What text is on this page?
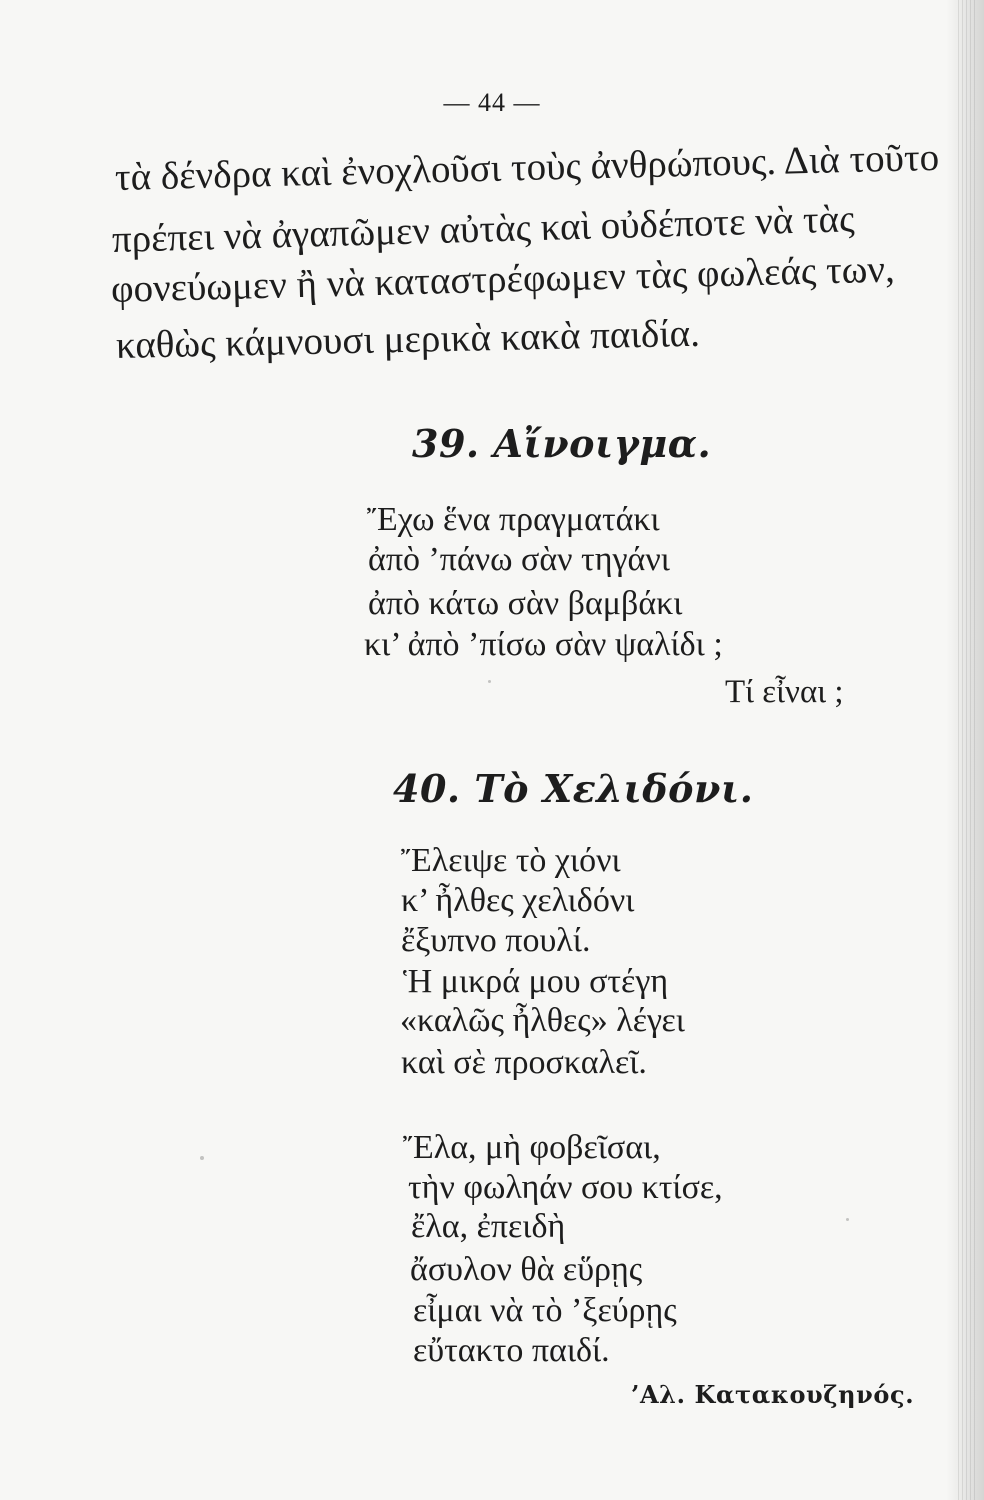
— 44 —

τὰ δένδρα καὶ ἐνοχλοῦσι τοὺς ἀνθρώπους. Διὰ τοῦτο

πρέπει νὰ ἀγαπῶμεν αὐτὰς καὶ οὐδέποτε νὰ τὰς

φονεύωμεν ἢ νὰ καταστρέφωμεν τὰς φωλεάς των,

καθὼς κάμνουσι μερικὰ κακὰ παιδία.

39. Αἴνοιγμα.

Ἔχω ἕνα πραγματάκι

ἀπὸ ’πάνω σὰν τηγάνι

ἀπὸ κάτω σὰν βαμβάκι

κι’ ἀπὸ ’πίσω σὰν ψαλίδι ;

Τί εἶναι ;

40. Τὸ Χελιδόνι.

Ἔλειψε τὸ χιόνι

κ’ ἦλθες χελιδόνι

ἔξυπνο πουλί.

Ἡ μικρά μου στέγη

«καλῶς ἦλθες» λέγει

καὶ σὲ προσκαλεῖ.

Ἔλα, μὴ φοβεῖσαι,

τὴν φωληάν σου κτίσε,

ἔλα, ἐπειδὴ

ἄσυλον θὰ εὕρῃς

εἶμαι νὰ τὸ ’ξεύρῃς

εὔτακτο παιδί.

’Αλ. Κατακουζηνός.
